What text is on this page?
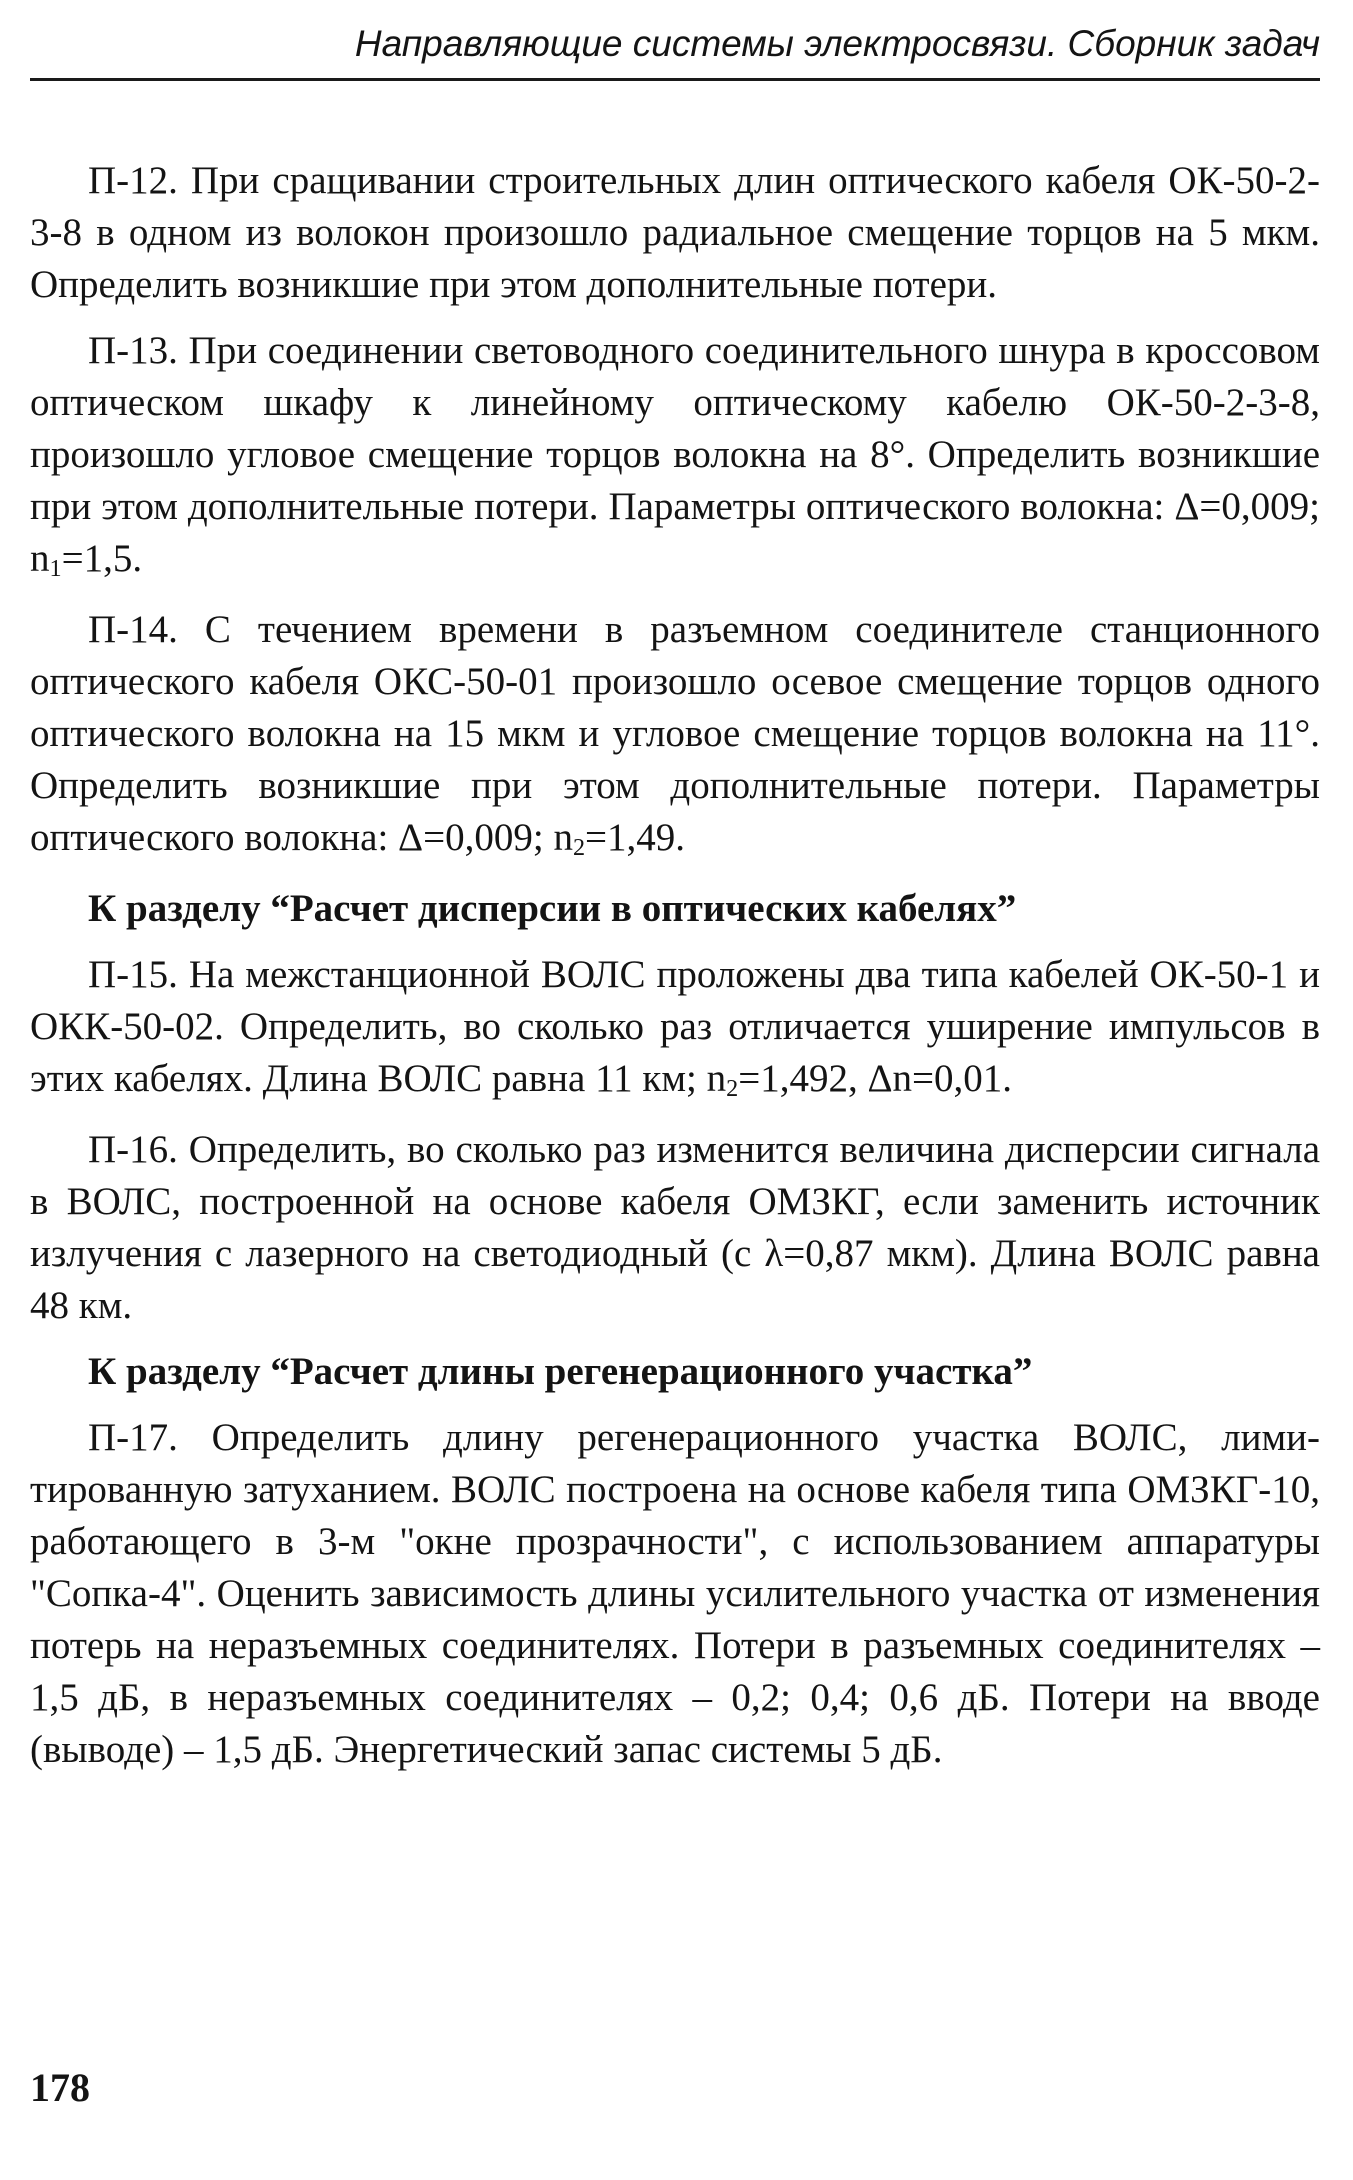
Направляющие системы электросвязи. Сборник задач

П-12. При сращивании строительных длин оптического кабеля ОК-50-2-3-8 в одном из волокон произошло радиальное смещение торцов на 5 мкм. Определить возникшие при этом дополнительные потери.

П-13. При соединении световодного соединительного шнура в кроссовом оптическом шкафу к линейному оптическому кабелю ОК-50-2-3-8, произошло угловое смещение торцов волокна на 8°. Определить возникшие при этом дополнительные потери. Параметры оптического волокна: Δ=0,009; $n_1=1,5$.

П-14. С течением времени в разъемном соединителе станционного оптического кабеля ОКС-50-01 произошло осевое смещение торцов одного оптического волокна на 15 мкм и угловое смещение торцов волокна на 11°. Определить возникшие при этом дополнительные потери. Параметры оптического волокна: Δ=0,009; $n_2=1,49$.

К разделу “Расчет дисперсии в оптических кабелях”

П-15. На межстанционной ВОЛС проложены два типа кабелей ОК-50-1 и ОКК-50-02. Определить, во сколько раз отличается уширение импульсов в этих кабелях. Длина ВОЛС равна 11 км; $n_2=1,492$, Δn=0,01.

П-16. Определить, во сколько раз изменится величина дисперсии сигнала в ВОЛС, построенной на основе кабеля ОМЗКГ, если заменить источник излучения с лазерного на светодиодный (с λ=0,87 мкм). Длина ВОЛС равна 48 км.

К разделу “Расчет длины регенерационного участка”

П-17. Определить длину регенерационного участка ВОЛС, лимитированную затуханием. ВОЛС построена на основе кабеля типа ОМЗКГ-10, работающего в 3-м "окне прозрачности", с использованием аппаратуры "Сопка-4". Оценить зависимость длины усилительного участка от изменения потерь на неразъемных соединителях. Потери в разъемных соединителях – 1,5 дБ, в неразъемных соединителях – 0,2; 0,4; 0,6 дБ. Потери на вводе (выводе) – 1,5 дБ. Энергетический запас системы 5 дБ.

178
